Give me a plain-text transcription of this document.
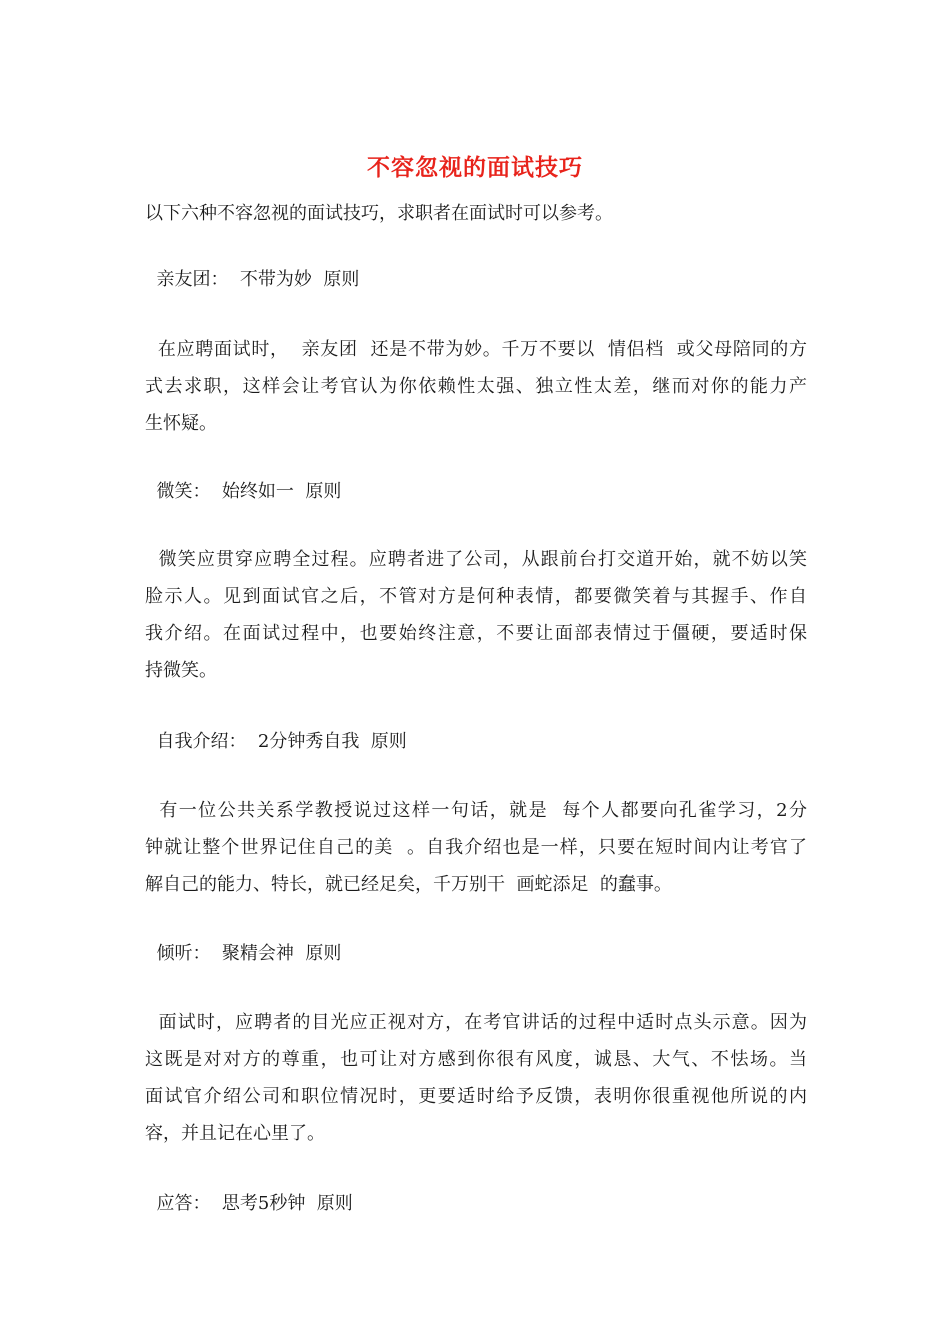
不容忽视的面试技巧
以下六种不容忽视的面试技巧，求职者在面试时可以参考。
亲友团：  不带为妙  原则
在应聘面试时，  亲友团  还是不带为妙。千万不要以  情侣档  或父母陪同的方
式去求职，这样会让考官认为你依赖性太强、独立性太差，继而对你的能力产
生怀疑。
微笑：  始终如一  原则
微笑应贯穿应聘全过程。应聘者进了公司，从跟前台打交道开始，就不妨以笑
脸示人。见到面试官之后，不管对方是何种表情，都要微笑着与其握手、作自
我介绍。在面试过程中，也要始终注意，不要让面部表情过于僵硬，要适时保
持微笑。
自我介绍：  2分钟秀自我  原则
有一位公共关系学教授说过这样一句话，就是  每个人都要向孔雀学习，2分
钟就让整个世界记住自己的美  。自我介绍也是一样，只要在短时间内让考官了
解自己的能力、特长，就已经足矣，千万别干  画蛇添足  的蠢事。
倾听：  聚精会神  原则
面试时，应聘者的目光应正视对方，在考官讲话的过程中适时点头示意。因为
这既是对对方的尊重，也可让对方感到你很有风度，诚恳、大气、不怯场。当
面试官介绍公司和职位情况时，更要适时给予反馈，表明你很重视他所说的内
容，并且记在心里了。
应答：  思考5秒钟  原则
